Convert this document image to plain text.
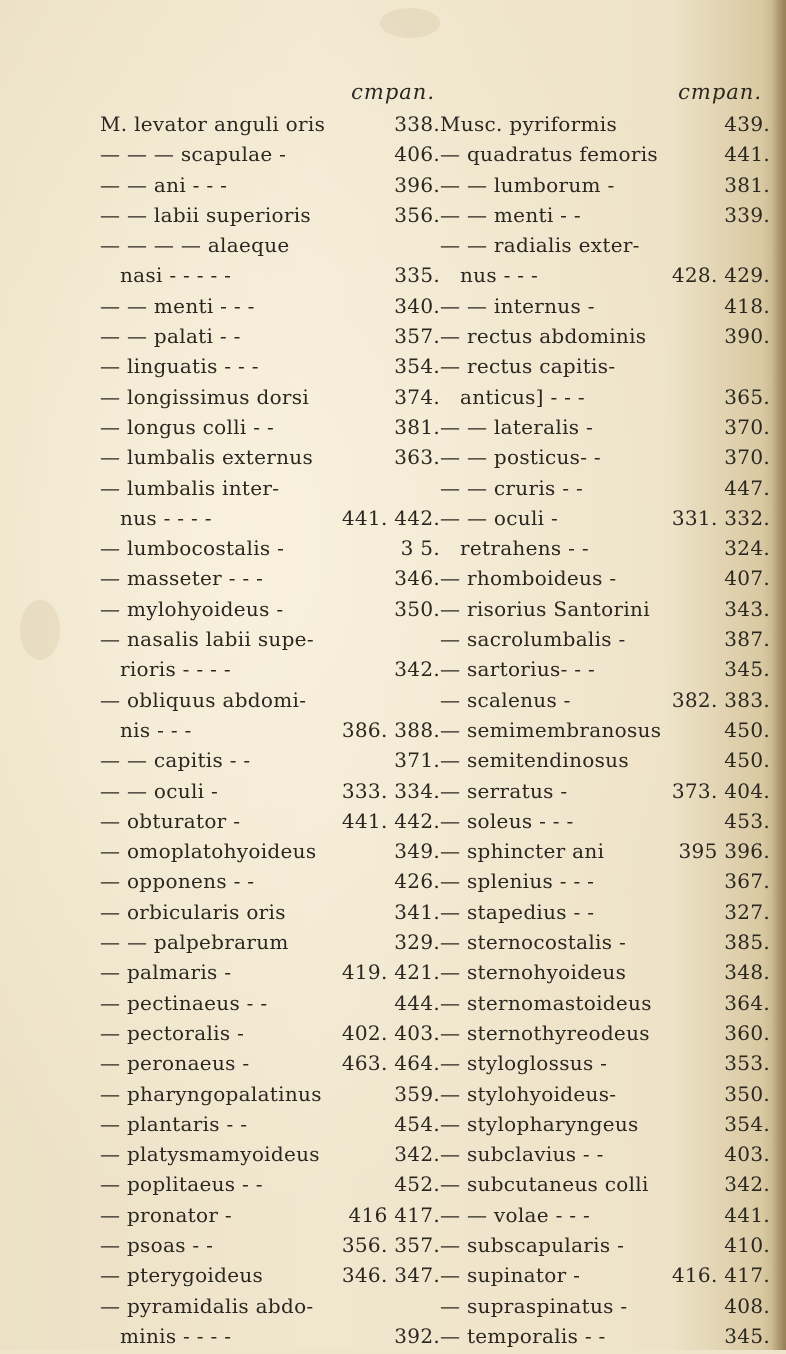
страп.
M. levator anguli oris	338.
— — — scapulae -	406.
— — ani - - -	396.
— — labii superioris	356.
— — — — alaeque
nasi - - - - -	335.
— — menti - - -	340.
— — palati - -	357.
— linguatis - - -	354.
— longissimus dorsi	374.
— longus colli - -	381.
— lumbalis externus	363.
— lumbalis inter-
nus - - - -	441. 442.
— lumbocostalis -	3 5.
— masseter - - -	346.
— mylohyoideus -	350.
— nasalis labii supe-
rioris - - - -	342.
— obliquus abdomi-
nis - - -	386. 388.
— — capitis - -	371.
— — oculi -	333. 334.
— obturator -	441. 442.
— omoplatohyoideus	349.
— opponens - -	426.
— orbicularis oris	341.
— — palpebrarum	329.
— palmaris -	419. 421.
— pectinaeus - -	444.
— pectoralis -	402. 403.
— peronaeus -	463. 464.
— pharyngopalatinus	359.
— plantaris - -	454.
— platysmamyoideus	342.
— poplitaeus - -	452.
— pronator -	416 417.
— psoas - -	356. 357.
— pterygoideus	346. 347.
— pyramidalis abdo-
minis - - - -	392.
страп.
Musc. pyriformis	439.
— quadratus femoris	441.
— — lumborum -	381.
— — menti - -	339.
— — radialis exter-
nus - - -	428. 429.
— — internus -	418.
— rectus abdominis	390.
— rectus capitis-
anticus] - - -	365.
— — lateralis -	370.
— — posticus- -	370.
— — cruris - -	447.
— — oculi -	331. 332.
retrahens - -	324.
— rhomboideus -	407.
— risorius Santorini	343.
— sacrolumbalis -	387.
— sartorius- - -	345.
— scalenus -	382. 383.
— semimembranosus	450.
— semitendinosus	450.
— serratus -	373. 404.
— soleus - - -	453.
— sphincter ani	395 396.
— splenius - - -	367.
— stapedius - -	327.
— sternocostalis -	385.
— sternohyoideus	348.
— sternomastoideus	364.
— sternothyreodeus	360.
— styloglossus -	353.
— stylohyoideus-	350.
— stylopharyngeus	354.
— subclavius - -	403.
— subcutaneus colli	342.
— — volae - - -	441.
— subscapularis -	410.
— supinator -	416. 417.
— supraspinatus -	408.
— temporalis - -	345.
